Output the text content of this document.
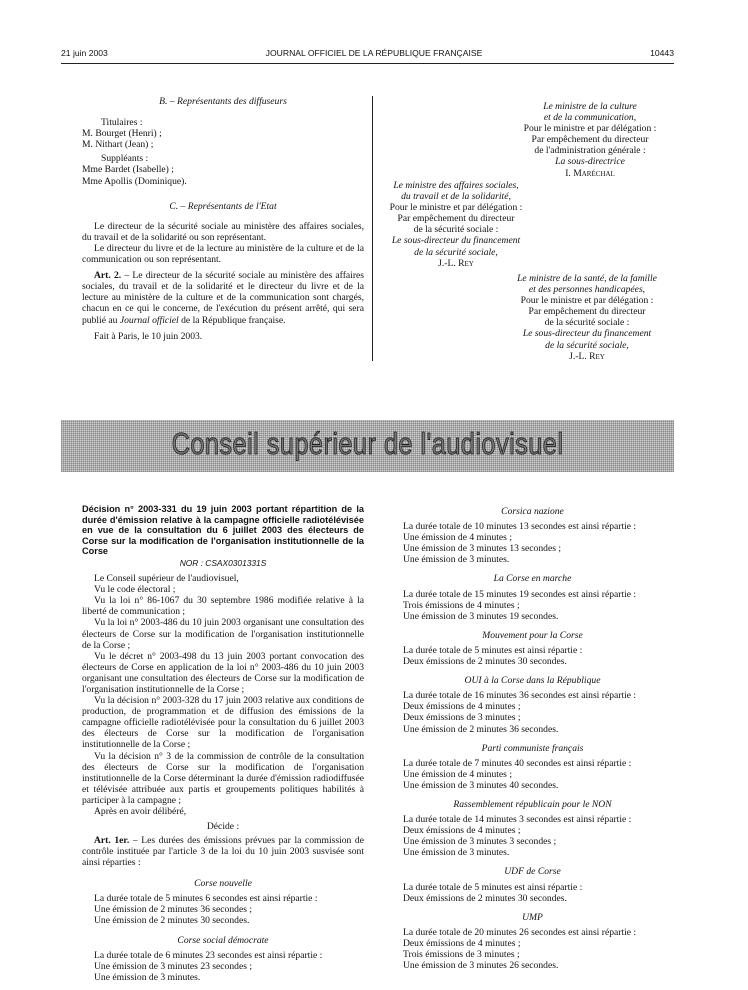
21 juin 2003	JOURNAL OFFICIEL DE LA RÉPUBLIQUE FRANÇAISE	10443

B. – Représentants des diffuseurs

Titulaires :

M. Bourget (Henri) ;

M. Nithart (Jean) ;

Suppléants :

Mme Bardet (Isabelle) ;

Mme Apollis (Dominique).

C. – Représentants de l'Etat

Le directeur de la sécurité sociale au ministère des affaires sociales, du travail et de la solidarité ou son représentant.

Le directeur du livre et de la lecture au ministère de la culture et de la communication ou son représentant.

Art. 2. – Le directeur de la sécurité sociale au ministère des affaires sociales, du travail et de la solidarité et le directeur du livre et de la lecture au ministère de la culture et de la communication sont chargés, chacun en ce qui le concerne, de l'exécution du présent arrêté, qui sera publié au Journal officiel de la République française.

Fait à Paris, le 10 juin 2003.

Le ministre de la culture

et de la communication,

Pour le ministre et par délégation :

Par empêchement du directeur

de l'administration générale :

La sous-directrice

I. Maréchal

Le ministre des affaires sociales,

du travail et de la solidarité,

Pour le ministre et par délégation :

Par empêchement du directeur

de la sécurité sociale :

Le sous-directeur du financement

de la sécurité sociale,

J.-L. Rey

Le ministre de la santé, de la famille

et des personnes handicapées,

Pour le ministre et par délégation :

Par empêchement du directeur

de la sécurité sociale :

Le sous-directeur du financement

de la sécurité sociale,

J.-L. Rey

Conseil supérieur de l'audiovisuel

Décision n° 2003-331 du 19 juin 2003 portant répartition de la durée d'émission relative à la campagne officielle radiotélévisée en vue de la consultation du 6 juillet 2003 des électeurs de Corse sur la modification de l'organisation institutionnelle de la Corse

NOR : CSAX0301331S

Le Conseil supérieur de l'audiovisuel,

Vu le code électoral ;

Vu la loi n° 86-1067 du 30 septembre 1986 modifiée relative à la liberté de communication ;

Vu la loi n° 2003-486 du 10 juin 2003 organisant une consultation des électeurs de Corse sur la modification de l'organisation institutionnelle de la Corse ;

Vu le décret n° 2003-498 du 13 juin 2003 portant convocation des électeurs de Corse en application de la loi n° 2003-486 du 10 juin 2003 organisant une consultation des électeurs de Corse sur la modification de l'organisation institutionnelle de la Corse ;

Vu la décision n° 2003-328 du 17 juin 2003 relative aux conditions de production, de programmation et de diffusion des émissions de la campagne officielle radiotélévisée pour la consultation du 6 juillet 2003 des électeurs de Corse sur la modification de l'organisation institutionnelle de la Corse ;

Vu la décision n° 3 de la commission de contrôle de la consultation des électeurs de Corse sur la modification de l'organisation institutionnelle de la Corse déterminant la durée d'émission radiodiffusée et télévisée attribuée aux partis et groupements politiques habilités à participer à la campagne ;

Après en avoir délibéré,

Décide :

Art. 1er. – Les durées des émissions prévues par la commission de contrôle instituée par l'article 3 de la loi du 10 juin 2003 susvisée sont ainsi réparties :

Corse nouvelle

La durée totale de 5 minutes 6 secondes est ainsi répartie :

Une émission de 2 minutes 36 secondes ;

Une émission de 2 minutes 30 secondes.

Corse social démocrate

La durée totale de 6 minutes 23 secondes est ainsi répartie :

Une émission de 3 minutes 23 secondes ;

Une émission de 3 minutes.

Corsica nazione

La durée totale de 10 minutes 13 secondes est ainsi répartie :

Une émission de 4 minutes ;

Une émission de 3 minutes 13 secondes ;

Une émission de 3 minutes.

La Corse en marche

La durée totale de 15 minutes 19 secondes est ainsi répartie :

Trois émissions de 4 minutes ;

Une émission de 3 minutes 19 secondes.

Mouvement pour la Corse

La durée totale de 5 minutes est ainsi répartie :

Deux émissions de 2 minutes 30 secondes.

OUI à la Corse dans la République

La durée totale de 16 minutes 36 secondes est ainsi répartie :

Deux émissions de 4 minutes ;

Deux émissions de 3 minutes ;

Une émission de 2 minutes 36 secondes.

Parti communiste français

La durée totale de 7 minutes 40 secondes est ainsi répartie :

Une émission de 4 minutes ;

Une émission de 3 minutes 40 secondes.

Rassemblement républicain pour le NON

La durée totale de 14 minutes 3 secondes est ainsi répartie :

Deux émissions de 4 minutes ;

Une émission de 3 minutes 3 secondes ;

Une émission de 3 minutes.

UDF de Corse

La durée totale de 5 minutes est ainsi répartie :

Deux émissions de 2 minutes 30 secondes.

UMP

La durée totale de 20 minutes 26 secondes est ainsi répartie :

Deux émissions de 4 minutes ;

Trois émissions de 3 minutes ;

Une émission de 3 minutes 26 secondes.
